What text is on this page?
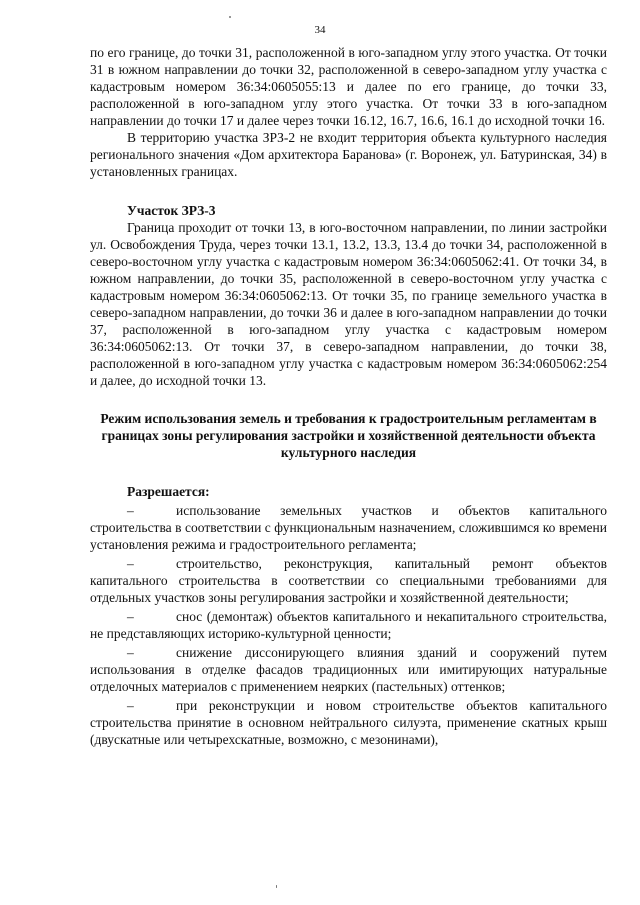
34

по его границе, до точки 31, расположенной в юго-западном углу этого участка. От точки 31 в южном направлении до точки 32, расположенной в северо-западном углу участка с кадастровым номером 36:34:0605055:13 и далее по его границе, до точки 33, расположенной в юго-западном углу этого участка. От точки 33 в юго-западном направлении до точки 17 и далее через точки 16.12, 16.7, 16.6, 16.1 до исходной точки 16.

В территорию участка ЗРЗ-2 не входит территория объекта культурного наследия регионального значения «Дом архитектора Баранова» (г. Воронеж, ул. Батуринская, 34) в установленных границах.

Участок ЗРЗ-3

Граница проходит от точки 13, в юго-восточном направлении, по линии застройки ул. Освобождения Труда, через точки 13.1, 13.2, 13.3, 13.4 до точки 34, расположенной в северо-восточном углу участка с кадастровым номером 36:34:0605062:41. От точки 34, в южном направлении, до точки 35, расположенной в северо-восточном углу участка с кадастровым номером 36:34:0605062:13. От точки 35, по границе земельного участка в северо-западном направлении, до точки 36 и далее в юго-западном направлении до точки 37, расположенной в юго-западном углу участка с кадастровым номером 36:34:0605062:13. От точки 37, в северо-западном направлении, до точки 38, расположенной в юго-западном углу участка с кадастровым номером 36:34:0605062:254 и далее, до исходной точки 13.

Режим использования земель и требования к градостроительным регламентам в границах зоны регулирования застройки и хозяйственной деятельности объекта культурного наследия

Разрешается:

–	использование земельных участков и объектов капитального строительства в соответствии с функциональным назначением, сложившимся ко времени установления режима и градостроительного регламента;

–	строительство, реконструкция, капитальный ремонт объектов капитального строительства в соответствии со специальными требованиями для отдельных участков зоны регулирования застройки и хозяйственной деятельности;

–	снос (демонтаж) объектов капитального и некапитального строительства, не представляющих историко-культурной ценности;

–	снижение диссонирующего влияния зданий и сооружений путем использования в отделке фасадов традиционных или имитирующих натуральные отделочных материалов с применением неярких (пастельных) оттенков;

–	при реконструкции и новом строительстве объектов капитального строительства принятие в основном нейтрального силуэта, применение скатных крыш (двускатные или четырехскатные, возможно, с мезонинами),
